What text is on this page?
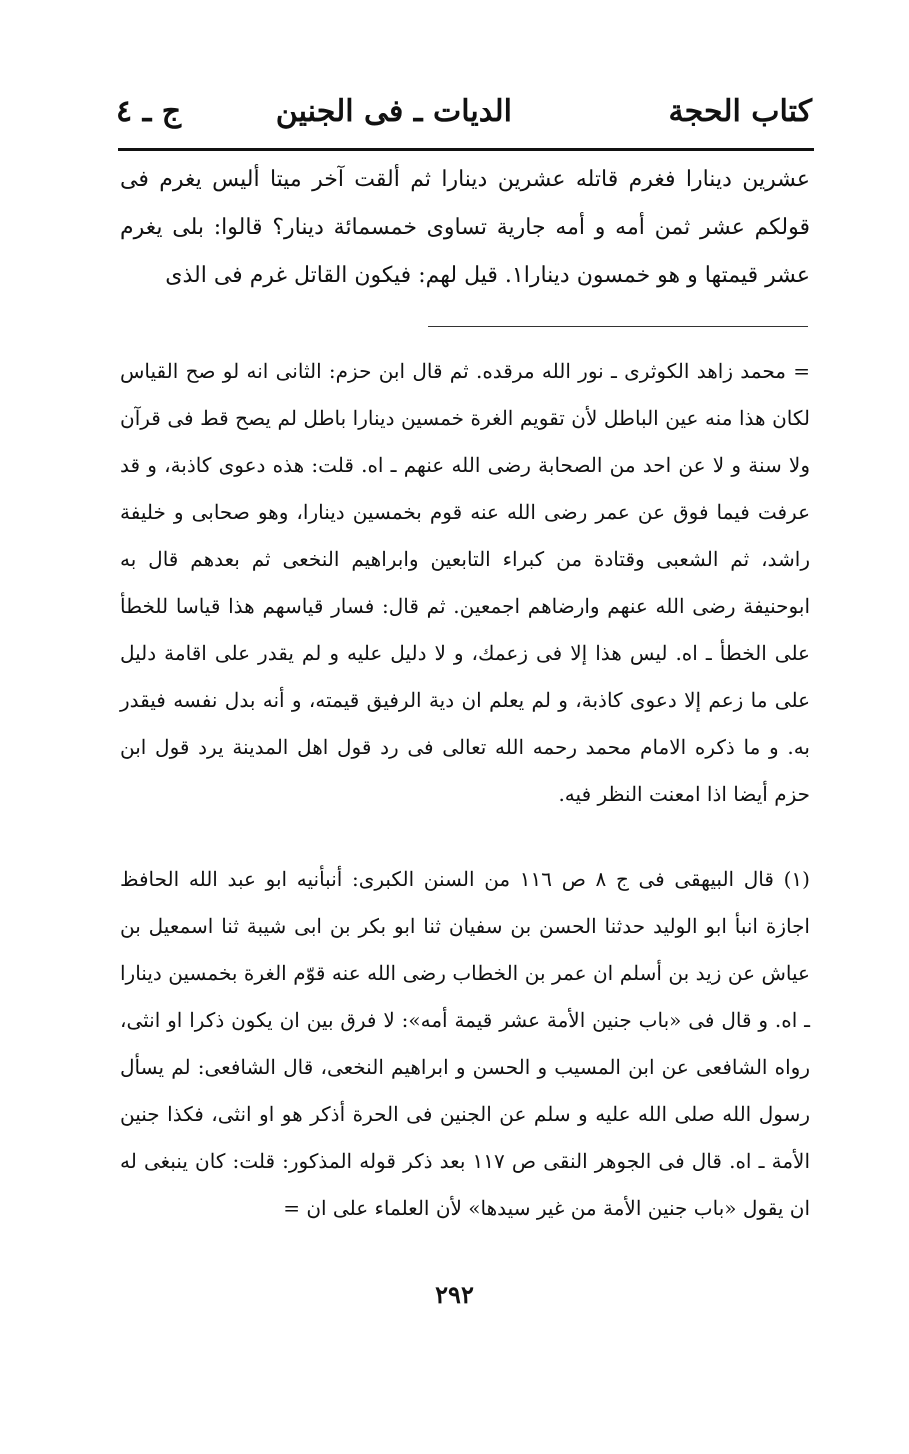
كتاب الحجة
الديات ـ فى الجنين
ج ـ ٤
عشرين دينارا فغرم قاتله عشرين دينارا ثم ألقت آخر ميتا أليس يغرم فى قولكم عشر ثمن أمه و أمه جارية تساوى خمسمائة دينار؟ قالوا: بلى يغرم عشر قيمتها و هو خمسون دينارا١. قيل لهم: فيكون القاتل غرم فى الذى
= محمد زاهد الكوثرى ـ نور الله مرقده. ثم قال ابن حزم: الثانى انه لو صح القياس لكان هذا منه عين الباطل لأن تقويم الغرة خمسين دينارا باطل لم يصح قط فى قرآن ولا سنة و لا عن احد من الصحابة رضى الله عنهم ـ اه. قلت: هذه دعوى كاذبة، و قد عرفت فيما فوق عن عمر رضى الله عنه قوم بخمسين دينارا، وهو صحابى و خليفة راشد، ثم الشعبى وقتادة من كبراء التابعين وابراهيم النخعى ثم بعدهم قال به ابوحنيفة رضى الله عنهم وارضاهم اجمعين. ثم قال: فسار قياسهم هذا قياسا للخطأ على الخطأ ـ اه. ليس هذا إلا فى زعمك، و لا دليل عليه و لم يقدر على اقامة دليل على ما زعم إلا دعوى كاذبة، و لم يعلم ان دية الرفيق قيمته، و أنه بدل نفسه فيقدر به. و ما ذكره الامام محمد رحمه الله تعالى فى رد قول اهل المدينة يرد قول ابن حزم أيضا اذا امعنت النظر فيه.
(١) قال البيهقى فى ج ٨ ص ١١٦ من السنن الكبرى: أنبأنيه ابو عبد الله الحافظ اجازة انبأ ابو الوليد حدثنا الحسن بن سفيان ثنا ابو بكر بن ابى شيبة ثنا اسمعيل بن عياش عن زيد بن أسلم ان عمر بن الخطاب رضى الله عنه قوّم الغرة بخمسين دينارا ـ اه. و قال فى «باب جنين الأمة عشر قيمة أمه»: لا فرق بين ان يكون ذكرا او انثى، رواه الشافعى عن ابن المسيب و الحسن و ابراهيم النخعى، قال الشافعى: لم يسأل رسول الله صلى الله عليه و سلم عن الجنين فى الحرة أذكر هو او انثى، فكذا جنين الأمة ـ اه. قال فى الجوهر النقى ص ١١٧ بعد ذكر قوله المذكور: قلت: كان ينبغى له ان يقول «باب جنين الأمة من غير سيدها» لأن العلماء على ان =
٢٩٢
